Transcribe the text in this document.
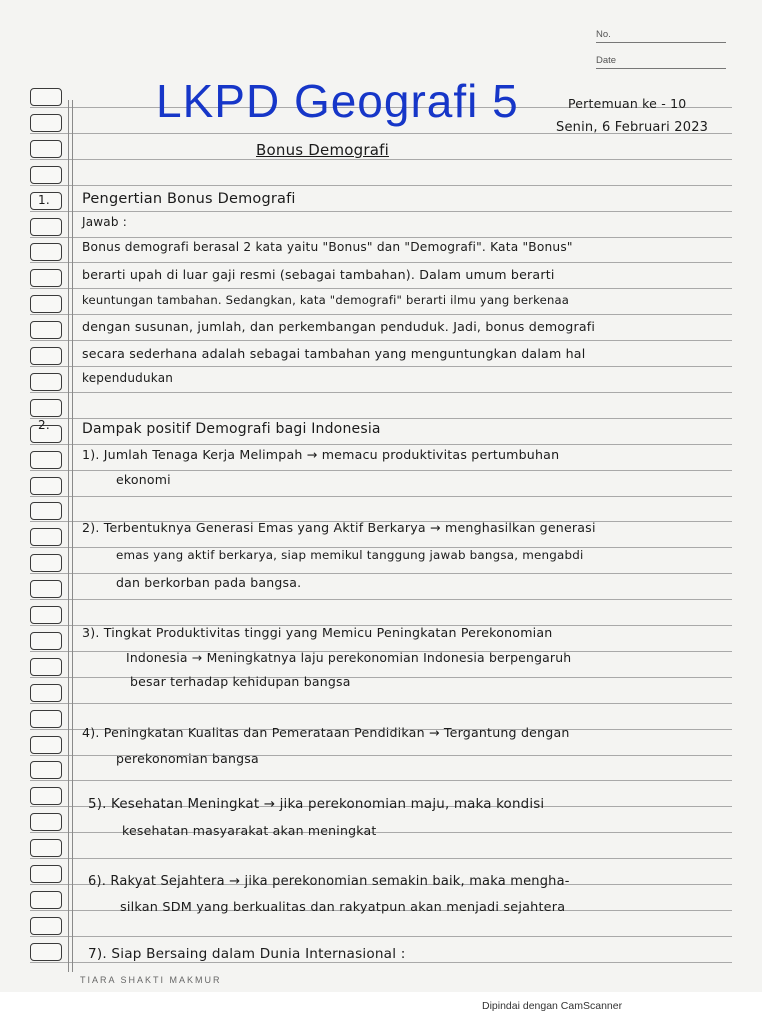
No.
Date
LKPD Geografi 5	Pertemuan ke - 10
Senin, 6 Februari 2023
Bonus Demografi
1. Pengertian Bonus Demografi
Jawab :
Bonus demografi berasal 2 kata yaitu "Bonus" dan "Demografi". Kata "Bonus"
berarti upah di luar gaji resmi (sebagai tambahan). Dalam umum berarti
keuntungan tambahan. Sedangkan, kata "demografi" berarti ilmu yang berkenaa
dengan susunan, jumlah, dan perkembangan penduduk. Jadi, bonus demografi
secara sederhana adalah sebagai tambahan yang menguntungkan dalam hal
kependudukan
2. Dampak positif Demografi bagi Indonesia
1). Jumlah Tenaga Kerja Melimpah → memacu produktivitas pertumbuhan
ekonomi
2). Terbentuknya Generasi Emas yang Aktif Berkarya → menghasilkan generasi
emas yang aktif berkarya, siap memikul tanggung jawab bangsa, mengabdi
dan berkorban pada bangsa.
3). Tingkat Produktivitas tinggi yang Memicu Peningkatan Perekonomian
Indonesia → Meningkatnya laju perekonomian Indonesia berpengaruh
besar terhadap kehidupan bangsa
4). Peningkatan Kualitas dan Pemerataan Pendidikan → Tergantung dengan
perekonomian bangsa
5). Kesehatan Meningkat → jika perekonomian maju, maka kondisi
kesehatan masyarakat akan meningkat
6). Rakyat Sejahtera → jika perekonomian semakin baik, maka mengha-
silkan SDM yang berkualitas dan rakyatpun akan menjadi sejahtera
7). Siap Bersaing dalam Dunia Internasional :
TIARA SHAKTI MAKMUR
Dipindai dengan CamScanner
